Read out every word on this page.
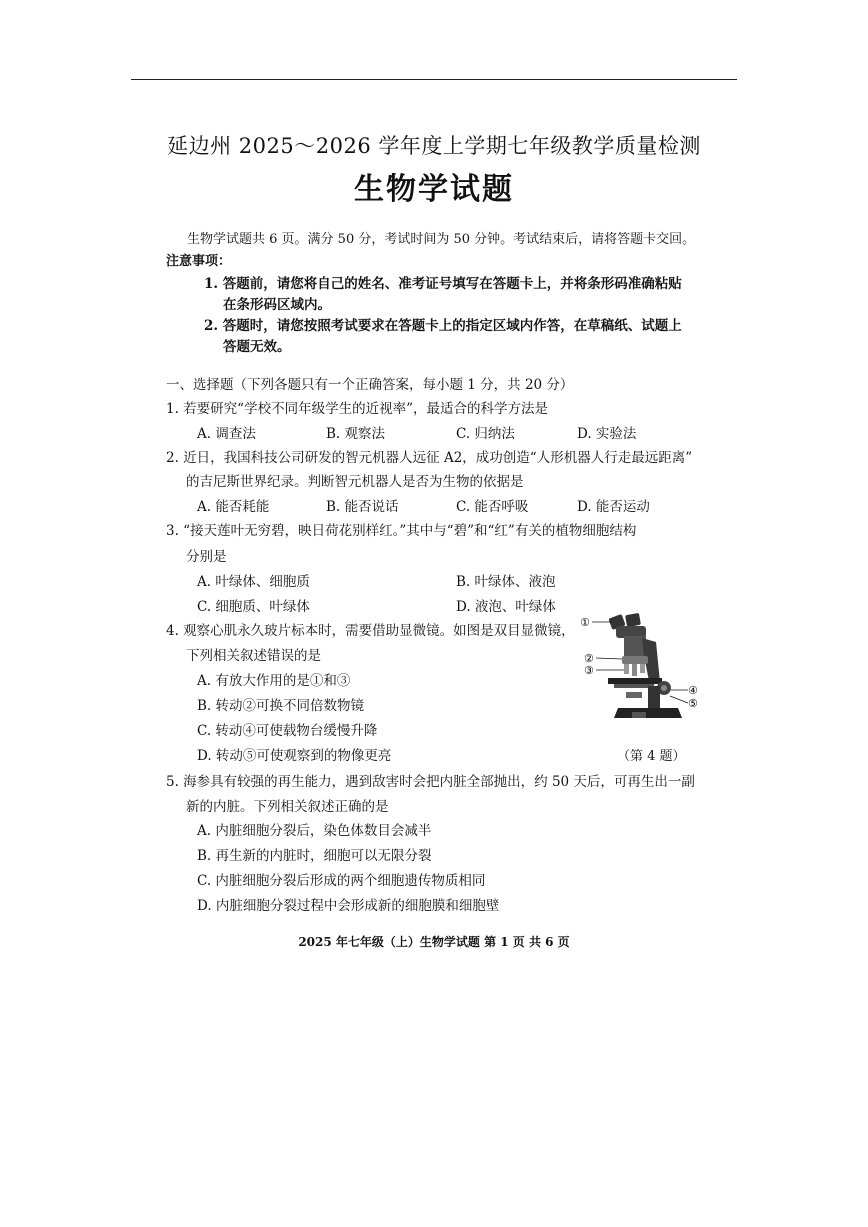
延边州 2025～2026 学年度上学期七年级教学质量检测
生物学试题
生物学试题共 6 页。满分 50 分，考试时间为 50 分钟。考试结束后，请将答题卡交回。
注意事项：
1. 答题前，请您将自己的姓名、准考证号填写在答题卡上，并将条形码准确粘贴
在条形码区域内。
2. 答题时，请您按照考试要求在答题卡上的指定区域内作答，在草稿纸、试题上
答题无效。
一、选择题（下列各题只有一个正确答案，每小题 1 分，共 20 分）
1. 若要研究“学校不同年级学生的近视率”，最适合的科学方法是
A. 调查法	B. 观察法	C. 归纳法	D. 实验法
2. 近日，我国科技公司研发的智元机器人远征 A2，成功创造“人形机器人行走最远距离”
的吉尼斯世界纪录。判断智元机器人是否为生物的依据是
A. 能否耗能	B. 能否说话	C. 能否呼吸	D. 能否运动
3. “接天莲叶无穷碧，映日荷花别样红。”其中与“碧”和“红”有关的植物细胞结构
分别是
A. 叶绿体、细胞质	B. 叶绿体、液泡
C. 细胞质、叶绿体	D. 液泡、叶绿体
4. 观察心肌永久玻片标本时，需要借助显微镜。如图是双目显微镜，
下列相关叙述错误的是
A. 有放大作用的是①和③
B. 转动②可换不同倍数物镜
C. 转动④可使载物台缓慢升降
D. 转动⑤可使观察到的物像更亮
①
②
③
④
⑤
（第 4 题）
5. 海参具有较强的再生能力，遇到敌害时会把内脏全部抛出，约 50 天后，可再生出一副
新的内脏。下列相关叙述正确的是
A. 内脏细胞分裂后，染色体数目会减半
B. 再生新的内脏时，细胞可以无限分裂
C. 内脏细胞分裂后形成的两个细胞遗传物质相同
D. 内脏细胞分裂过程中会形成新的细胞膜和细胞壁
2025 年七年级（上）生物学试题 第 1 页 共 6 页
